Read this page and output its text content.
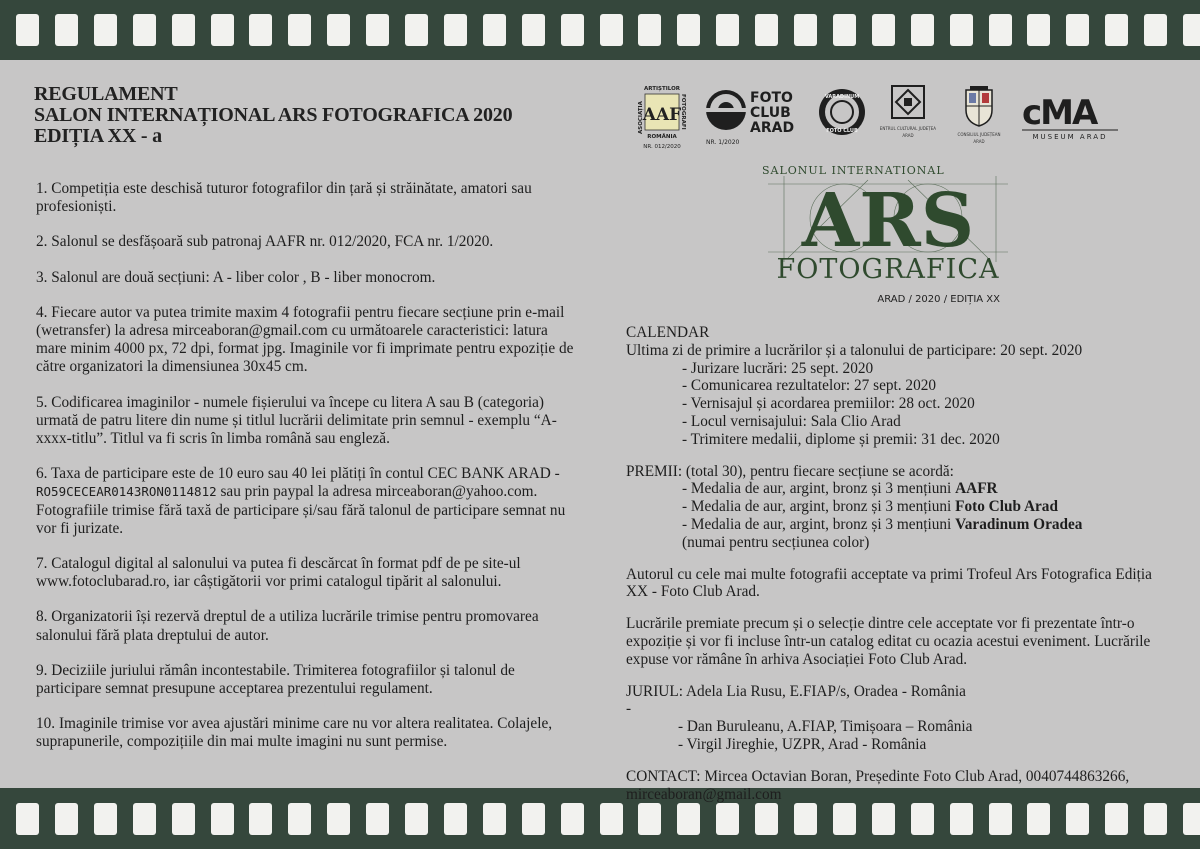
REGULAMENT
SALON INTERNAȚIONAL ARS FOTOGRAFICA 2020
EDIȚIA XX - a

1. Competiția este deschisă tuturor fotografilor din țară și străinătate, amatori sau profesioniști.

2. Salonul se desfășoară sub patronaj AAFR nr. 012/2020, FCA nr. 1/2020.

3. Salonul are două secțiuni: A - liber color , B - liber monocrom.

4. Fiecare autor va putea trimite maxim 4 fotografii pentru fiecare secțiune prin e-mail (wetransfer) la adresa mirceaboran@gmail.com cu următoarele caracteristici: latura mare minim 4000 px, 72 dpi, format jpg. Imaginile vor fi imprimate pentru expoziție de către organizatori la dimensiunea 30x45 cm.

5. Codificarea imaginilor - numele fișierului va începe cu litera A sau B (categoria) urmată de patru litere din nume și titlul lucrării delimitate prin semnul - exemplu “A-xxxx-titlu”. Titlul va fi scris în limba română sau engleză.

6. Taxa de participare este de 10 euro sau 40 lei plătiți în contul CEC BANK ARAD - RO59CECEAR0143RON0114812 sau prin paypal la adresa mirceaboran@yahoo.com. Fotografiile trimise fără taxă de participare și/sau fără talonul de participare semnat nu vor fi jurizate.

7. Catalogul digital al salonului va putea fi descărcat în format pdf de pe site-ul www.fotoclubarad.ro, iar câștigătorii vor primi catalogul tipărit al salonului.

8. Organizatorii își rezervă dreptul de a utiliza lucrările trimise pentru promovarea salonului fără plata dreptului de autor.

9. Deciziile juriului rămân incontestabile. Trimiterea fotografiilor și talonul de participare semnat presupune acceptarea prezentului regulament.

10. Imaginile trimise vor avea ajustări minime care nu vor altera realitatea. Colajele, suprapunerile, compozițiile din mai multe imagini nu sunt permise.

ARTIȘTILOR
ASOCIAȚIA	FOTOGRAFI
AAF
ROMÂNIA
NR. 012/2020
FOTO
CLUB
ARAD
NR. 1/2020
VARADINUM
FOTO CLUB	CENTRUL CULTURAL JUDEȚEAN
ARAD	CONSILIUL JUDEȚEAN
ARAD
cMA
MUSEUM ARAD
SALONUL INTERNATIONAL
ARS
FOTOGRAFICA
ARAD / 2020 / EDIȚIA XX
CALENDAR
Ultima zi de primire a lucrărilor și a talonului de participare: 20 sept. 2020
- Jurizare lucrări: 25 sept. 2020
- Comunicarea rezultatelor: 27 sept. 2020
- Vernisajul și acordarea premiilor: 28 oct. 2020
- Locul vernisajului: Sala Clio Arad
- Trimitere medalii, diplome și premii: 31 dec. 2020
PREMII: (total 30), pentru fiecare secțiune se acordă:
- Medalia de aur, argint, bronz și 3 mențiuni AAFR
- Medalia de aur, argint, bronz și 3 mențiuni Foto Club Arad
- Medalia de aur, argint, bronz și 3 mențiuni Varadinum Oradea
(numai pentru secțiunea color)
Autorul cu cele mai multe fotografii acceptate va primi Trofeul Ars Fotografica Ediția XX - Foto Club Arad.
Lucrările premiate precum și o selecție dintre cele acceptate vor fi prezentate într-o expoziție și vor fi incluse într-un catalog editat cu ocazia acestui eveniment. Lucrările expuse vor rămâne în arhiva Asociației Foto Club Arad.
JURIUL: -
Adela Lia Rusu, E.FIAP/s, Oradea - România
- Dan Buruleanu, A.FIAP, Timișoara – România
- Virgil Jireghie, UZPR, Arad - România
CONTACT: Mircea Octavian Boran, Președinte Foto Club Arad, 0040744863266, mirceaboran@gmail.com
